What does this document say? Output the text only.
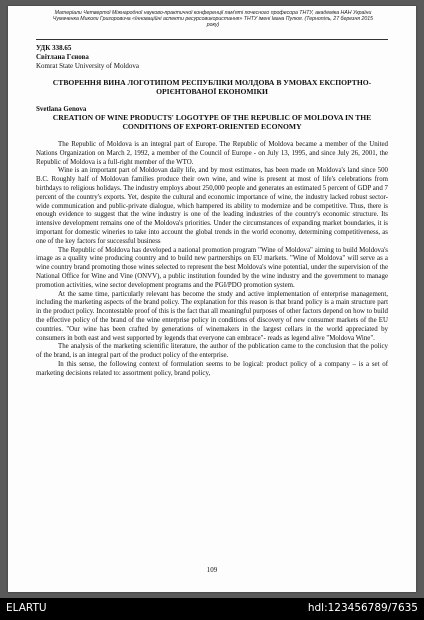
Матеріали Четвертої Міжнародної науково-практичної конференції пам'яті почесного професора ТНТУ, академіка НАН України Чумаченка Миколи Григоровича «Інноваційні аспекти ресурсовикористання» ТНТУ імені Івана Пулюя. (Тернопіль, 27 березня 2015 року)
УДК 338.65
Світлана Гєнова
Komrat State University of Moldova
СТВОРЕННЯ ВИНА ЛОГОТИПОМ РЕСПУБЛІКИ МОЛДОВА В УМОВАХ ЕКСПОРТНО-ОРІЄНТОВАНОЇ ЕКОНОМІКИ
Svetlana Genova
CREATION OF WINE PRODUCTS' LOGOTYPE OF THE REPUBLIC OF MOLDOVA IN THE CONDITIONS OF EXPORT-ORIENTED ECONOMY

The Republic of Moldova is an integral part of Europe. The Republic of Moldova became a member of the United Nations Organization on March 2, 1992, a member of the Council of Europe - on July 13, 1995, and since July 26, 2001, the Republic of Moldova is a full-right member of the WTO.

Wine is an important part of Moldovan daily life, and by most estimates, has been made on Moldova's land since 500 B.C. Roughly half of Moldovan families produce their own wine, and wine is present at most of life's celebrations from birthdays to religious holidays. The industry employs about 250,000 people and generates an estimated 5 percent of GDP and 7 percent of the country's exports. Yet, despite the cultural and economic importance of wine, the industry lacked robust sector-wide communication and public-private dialogue, which hampered its ability to modernize and be competitive. Thus, there is enough evidence to suggest that the wine industry is one of the leading industries of the country's economic structure. Its intensive development remains one of the Moldova's priorities. Under the circumstances of expanding market boundaries, it is important for domestic wineries to take into account the global trends in the world economy, determining competitiveness, as one of the key factors for successful business

The Republic of Moldova has developed a national promotion program "Wine of Moldova" aiming to build Moldova's image as a quality wine producing country and to build new partnerships on EU markets. "Wine of Moldova" will serve as a wine country brand promoting those wines selected to represent the best Moldova's wine potential, under the supervision of the National Office for Wine and Vine (ONVV), a public institution founded by the wine industry and the government to manage promotion activities, wine sector development programs and the PGI/PDO promotion system.

At the same time, particularly relevant has become the study and active implementation of enterprise management, including the marketing aspects of the brand policy. The explanation for this reason is that brand policy is a main structure part in the product policy. Incontestable proof of this is the fact that all meaningful purposes of other factors depend on how to build the effective policy of the brand of the wine enterprise policy in conditions of discovery of new consumer markets of the EU countries. "Our wine has been crafted by generations of winemakers in the largest cellars in the world appreciated by consumers in both east and west supported by legends that everyone can embrace"- reads as legend alive "Moldova Wine".

The analysis of the marketing scientific literature, the author of the publication came to the conclusion that the policy of the brand, is an integral part of the product policy of the enterprise.

In this sense, the following context of formulation seems to be logical: product policy of a company – is a set of marketing decisions related to: assortment policy, brand policy,

109
ELARTU	hdl:123456789/7635
